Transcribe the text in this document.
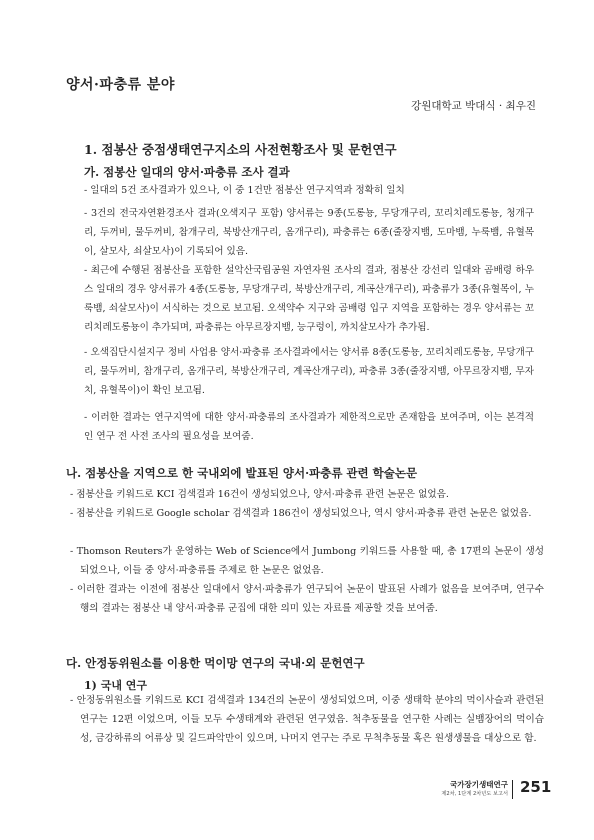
양서·파충류 분야
강원대학교 박대식 · 최우진
1. 점봉산 중점생태연구지소의 사전현황조사 및 문헌연구
가. 점봉산 일대의 양서·파충류 조사 결과
- 일대의 5건 조사결과가 있으나, 이 중 1건만 점봉산 연구지역과 정확히 일치
- 3건의 전국자연환경조사 결과(오색지구 포함) 양서류는 9종(도롱뇽, 무당개구리, 꼬리치레도롱뇽, 청개구리, 두꺼비, 물두꺼비, 참개구리, 북방산개구리, 옴개구리), 파충류는 6종(줄장지뱀, 도마뱀, 누룩뱀, 유혈목이, 살모사, 쇠살모사)이 기록되어 있음.
- 최근에 수행된 점봉산을 포함한 설악산국립공원 자연자원 조사의 결과, 점봉산 강선리 일대와 곰배령 하우스 일대의 경우 양서류가 4종(도롱뇽, 무당개구리, 북방산개구리, 계곡산개구리), 파충류가 3종(유혈목이, 누룩뱀, 쇠살모사)이 서식하는 것으로 보고됨. 오색약수 지구와 곰배령 입구 지역을 포함하는 경우 양서류는 꼬리치레도롱뇽이 추가되며, 파충류는 아무르장지뱀, 능구렁이, 까치살모사가 추가됨.
- 오색집단시설지구 정비 사업용 양서·파충류 조사결과에서는 양서류 8종(도롱뇽, 꼬리치레도롱뇽, 무당개구리, 물두꺼비, 참개구리, 옴개구리, 북방산개구리, 계곡산개구리), 파충류 3종(줄장지뱀, 아무르장지뱀, 무자치, 유혈목이)이 확인 보고됨.
- 이러한 결과는 연구지역에 대한 양서·파충류의 조사결과가 제한적으로만 존재함을 보여주며, 이는 본격적인 연구 전 사전 조사의 필요성을 보여줌.
나. 점봉산을 지역으로 한 국내외에 발표된 양서·파충류 관련 학술논문
- 점봉산을 키워드로 KCI 검색결과 16건이 생성되었으나, 양서·파충류 관련 논문은 없었음.
- 점봉산을 키워드로 Google scholar 검색결과 186건이 생성되었으나, 역시 양서·파충류 관련 논문은 없었음.
- Thomson Reuters가 운영하는 Web of Science에서 Jumbong 키워드를 사용할 때, 총 17편의 논문이 생성되었으나, 이들 중 양서·파충류를 주제로 한 논문은 없었음.
- 이러한 결과는 이전에 점봉산 일대에서 양서·파충류가 연구되어 논문이 발표된 사례가 없음을 보여주며, 연구수행의 결과는 점봉산 내 양서·파충류 군집에 대한 의미 있는 자료를 제공할 것을 보여줌.
다. 안정동위원소를 이용한 먹이망 연구의 국내·외 문헌연구
1) 국내 연구
- 안정동위원소를 키워드로 KCI 검색결과 134건의 논문이 생성되었으며, 이중 생태학 분야의 먹이사슬과 관련된 연구는 12편 이었으며, 이들 모두 수생태계와 관련된 연구였음. 척추동물을 연구한 사례는 실뱀장어의 먹이습성, 금강하류의 어류상 및 길드파악만이 있으며, 나머지 연구는 주로 무척추동물 혹은 원생생물을 대상으로 함.
국가장기생태연구
제2차, 1단계 2차년도 보고서 251
